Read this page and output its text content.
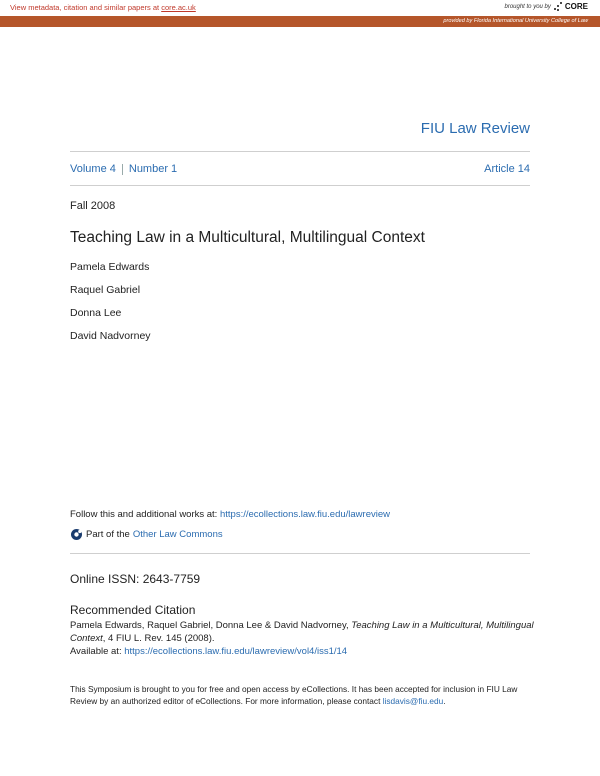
View metadata, citation and similar papers at core.ac.uk	brought to you by CORE
provided by Florida International University College of Law
FIU Law Review
Volume 4 Number 1	Article 14
Fall 2008
Teaching Law in a Multicultural, Multilingual Context
Pamela Edwards
Raquel Gabriel
Donna Lee
David Nadvorney
Follow this and additional works at: https://ecollections.law.fiu.edu/lawreview
Part of the Other Law Commons
Online ISSN: 2643-7759
Recommended Citation
Pamela Edwards, Raquel Gabriel, Donna Lee & David Nadvorney, Teaching Law in a Multicultural, Multilingual Context, 4 FIU L. Rev. 145 (2008).
Available at: https://ecollections.law.fiu.edu/lawreview/vol4/iss1/14
This Symposium is brought to you for free and open access by eCollections. It has been accepted for inclusion in FIU Law Review by an authorized editor of eCollections. For more information, please contact lisdavis@fiu.edu.
